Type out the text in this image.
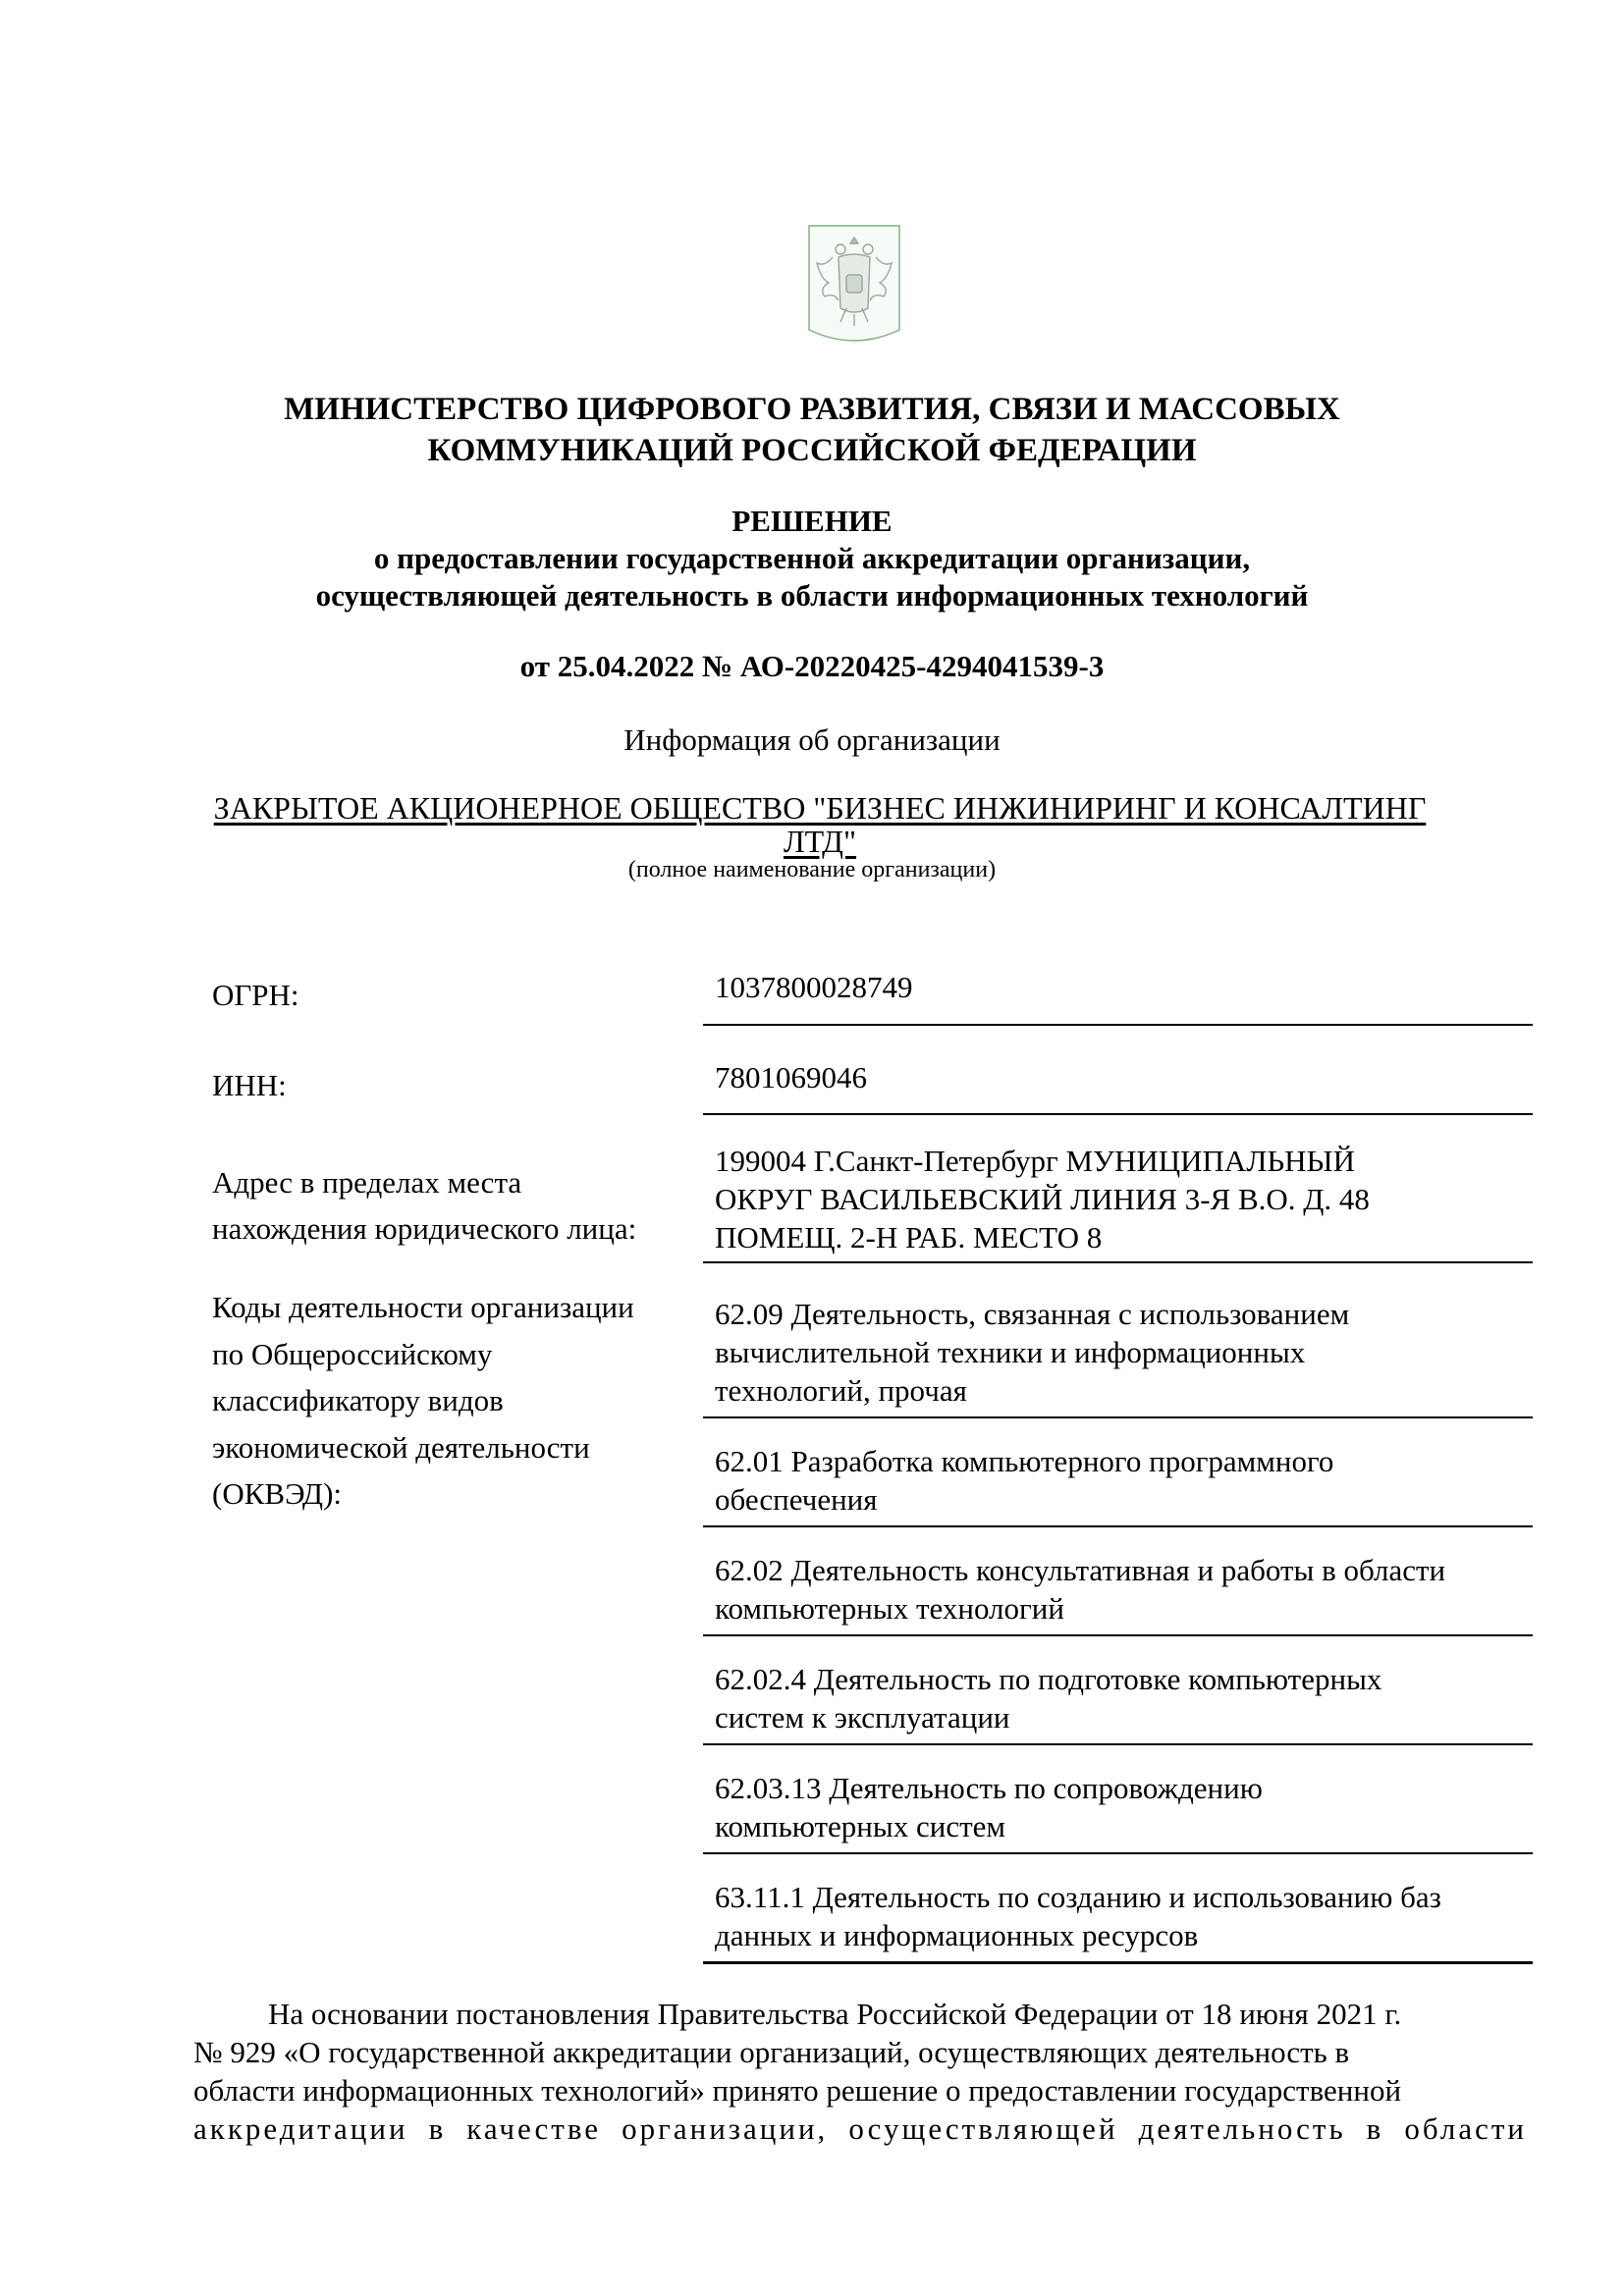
МИНИСТЕРСТВО ЦИФРОВОГО РАЗВИТИЯ, СВЯЗИ И МАССОВЫХ
КОММУНИКАЦИЙ РОССИЙСКОЙ ФЕДЕРАЦИИ
РЕШЕНИЕ
о предоставлении государственной аккредитации организации,
осуществляющей деятельность в области информационных технологий
от 25.04.2022 № АО-20220425-4294041539-3
Информация об организации
ЗАКРЫТОЕ АКЦИОНЕРНОЕ ОБЩЕСТВО "БИЗНЕС ИНЖИНИРИНГ И КОНСАЛТИНГ
ЛТД"
(полное наименование организации)
ОГРН:	1037800028749
ИНН:	7801069046
Адрес в пределах места
нахождения юридического лица:
199004 Г.Санкт-Петербург МУНИЦИПАЛЬНЫЙ
ОКРУГ ВАСИЛЬЕВСКИЙ ЛИНИЯ 3-Я В.О. Д. 48
ПОМЕЩ. 2-Н РАБ. МЕСТО 8
Коды деятельности организации
по Общероссийскому
классификатору видов
экономической деятельности
(ОКВЭД):
62.09 Деятельность, связанная с использованием
вычислительной техники и информационных
технологий, прочая
62.01 Разработка компьютерного программного
обеспечения
62.02 Деятельность консультативная и работы в области
компьютерных технологий
62.02.4 Деятельность по подготовке компьютерных
систем к эксплуатации
62.03.13 Деятельность по сопровождению
компьютерных систем
63.11.1 Деятельность по созданию и использованию баз
данных и информационных ресурсов
На основании постановления Правительства Российской Федерации от 18 июня 2021 г.
№ 929 «О государственной аккредитации организаций, осуществляющих деятельность в
области информационных технологий» принято решение о предоставлении государственной
аккредитации в качестве организации, осуществляющей деятельность в области
